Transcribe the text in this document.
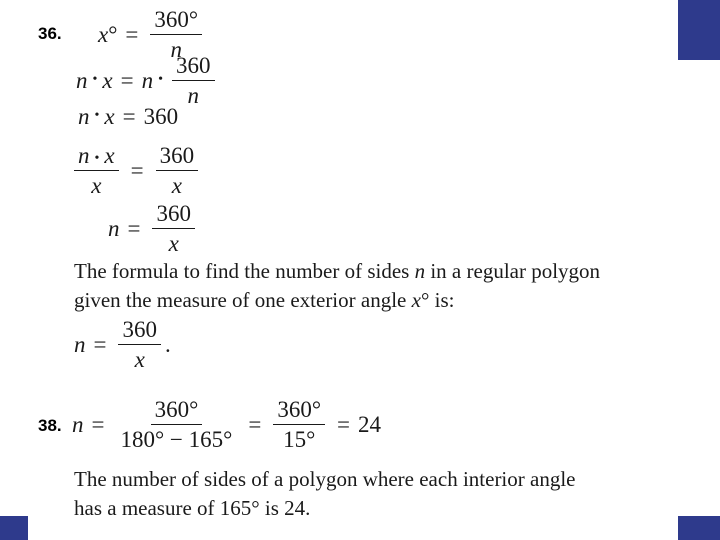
36. x ° = $\frac{360^\circ}{n}$
n • x = n • $\frac{360}{n}$
n • x = 360
$\frac{n • x}{x} = \frac{360}{x}$
$n = \frac{360}{x}$
The formula to find the number of sides n in a regular polygon
given the measure of one exterior angle x° is:
$n = \frac{360}{x}$ .
38. $n = \frac{360^\circ}{180^\circ - 165^\circ} = \frac{360^\circ}{15^\circ} = 24$
The number of sides of a polygon where each interior angle
has a measure of 165° is 24.
